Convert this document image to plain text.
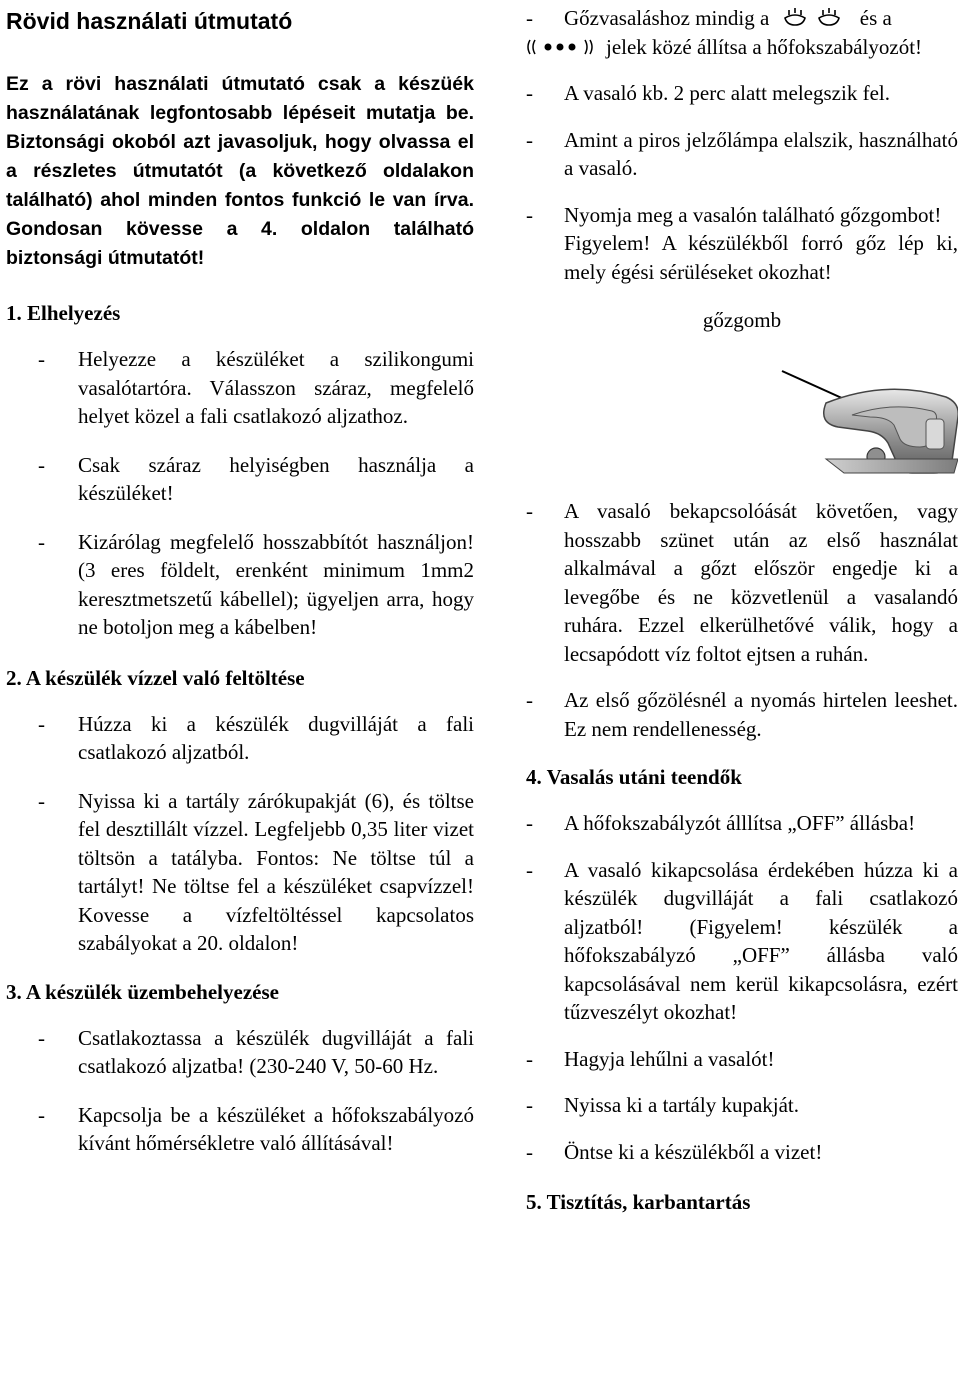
Rövid használati útmutató
Ez a rövi használati útmutató csak a készüék használatának legfontosabb lépéseit mutatja be. Biztonsági okoból azt javasoljuk, hogy olvassa el a részletes útmutatót (a következő oldalakon található) ahol minden fontos funkció le van írva. Gondosan kövesse a 4. oldalon található biztonsági útmutatót!
1. Elhelyezés
- Helyezze a készüléket a szilikongumi vasalótartóra. Válasszon száraz, megfelelő helyet közel a fali csatlakozó aljzathoz.
- Csak száraz helyiségben használja a készüléket!
- Kizárólag megfelelő hosszabbítót használjon! (3 eres földelt, erenként minimum 1mm2 keresztmetszetű kábellel); ügyeljen arra, hogy ne botoljon meg a kábelben!
2. A készülék vízzel való feltöltése
- Húzza ki a készülék dugvilláját a fali csatlakozó aljzatból.
- Nyissa ki a tartály zárókupakját (6), és töltse fel desztillált vízzel. Legfeljebb 0,35 liter vizet töltsön a tatályba. Fontos: Ne töltse túl a tartályt! Ne töltse fel a készüléket csapvízzel! Kovesse a vízfeltöltéssel kapcsolatos szabályokat a 20. oldalon!
3. A készülék üzembehelyezése
- Csatlakoztassa a készülék dugvilláját a fali csatlakozó aljzatba! (230-240 V, 50-60 Hz.
- Kapcsolja be a készüléket a hőfokszabályozó kívánt hőmérsékletre való állításával!
- Gőzvasaláshoz mindig a	és a
jelek közé állítsa a hőfokszabályozót!
- A vasaló kb. 2 perc alatt melegszik fel.
- Amint a piros jelzőlámpa elalszik, használható a vasaló.
- Nyomja meg a vasalón található gőzgombot!
Figyelem! A készülékből forró gőz lép ki, mely égési sérüléseket okozhat!
gőzgomb
- A vasaló bekapcsolóását követően, vagy hosszabb szünet után az első használat alkalmával a gőzt először engedje ki a levegőbe és ne közvetlenül a vasalandó ruhára. Ezzel elkerülhetővé válik, hogy a lecsapódott víz foltot ejtsen a ruhán.
- Az első gőzölésnél a nyomás hirtelen leeshet. Ez nem rendellenesség.
4. Vasalás utáni teendők
- A hőfokszabályzót álllítsa „OFF” állásba!
- A vasaló kikapcsolása érdekében húzza ki a készülék dugvilláját a fali csatlakozó aljzatból! (Figyelem! készülék a hőfokszabályzó „OFF” állásba való kapcsolásával nem kerül kikapcsolásra, ezért tűzveszélyt okozhat!
- Hagyja lehűlni a vasalót!
- Nyissa ki a tartály kupakját.
- Öntse ki a készülékből a vizet!
5. Tisztítás, karbantartás
